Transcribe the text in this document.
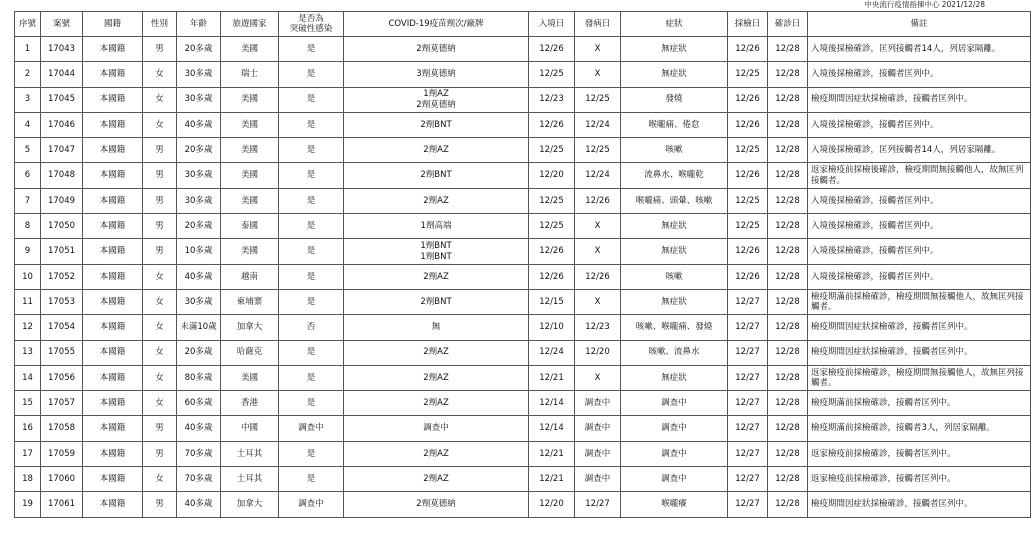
中央流行疫情指揮中心 2021/12/28
序號	案號	國籍	性別	年齡	旅遊國家	是否為
突破性感染	COVID-19疫苗劑次/廠牌	入境日	發病日	症狀	採檢日	確診日	備註
1	17043	本國籍	男	20多歲	美國	是	2劑莫德納	12/26	X	無症狀	12/26	12/28	入境後採檢確診，匡列接觸者14人，列居家隔離。
2	17044	本國籍	女	30多歲	瑞士	是	3劑莫德納	12/25	X	無症狀	12/25	12/28	入境後採檢確診，接觸者匡列中。
3	17045	本國籍	女	30多歲	美國	是	1劑AZ
2劑莫德納	12/23	12/25	發燒	12/26	12/28	檢疫期間因症狀採檢確診，接觸者匡列中。
4	17046	本國籍	女	40多歲	美國	是	2劑BNT	12/26	12/24	喉嚨痛、倦怠	12/26	12/28	入境後採檢確診，接觸者匡列中。
5	17047	本國籍	男	20多歲	美國	是	2劑AZ	12/25	12/25	咳嗽	12/25	12/28	入境後採檢確診，匡列接觸者14人，列居家隔離。
6	17048	本國籍	男	30多歲	美國	是	2劑BNT	12/20	12/24	流鼻水、喉嚨乾	12/26	12/28	返家檢疫前採檢後確診，檢疫期間無接觸他人，故無匡列接觸者。
7	17049	本國籍	男	30多歲	美國	是	2劑AZ	12/25	12/26	喉嚨痛、頭暈、咳嗽	12/25	12/28	入境後採檢確診，接觸者匡列中。
8	17050	本國籍	男	20多歲	泰國	是	1劑高端	12/25	X	無症狀	12/25	12/28	入境後採檢確診，接觸者匡列中。
9	17051	本國籍	男	10多歲	美國	是	1劑BNT
1劑BNT	12/26	X	無症狀	12/26	12/28	入境後採檢確診，接觸者匡列中。
10	17052	本國籍	女	40多歲	越南	是	2劑AZ	12/26	12/26	咳嗽	12/26	12/28	入境後採檢確診，接觸者匡列中。
11	17053	本國籍	女	30多歲	柬埔寨	是	2劑BNT	12/15	X	無症狀	12/27	12/28	檢疫期滿前採檢確診，檢疫期間無接觸他人，故無匡列接觸者。
12	17054	本國籍	女	未滿10歲	加拿大	否	無	12/10	12/23	咳嗽、喉嚨痛、發燒	12/27	12/28	檢疫期間因症狀採檢確診，接觸者匡列中。
13	17055	本國籍	女	20多歲	哈薩克	是	2劑AZ	12/24	12/20	咳嗽、流鼻水	12/27	12/28	檢疫期間因症狀採檢確診，接觸者匡列中。
14	17056	本國籍	女	80多歲	美國	是	2劑AZ	12/21	X	無症狀	12/27	12/28	返家檢疫前採檢確診，檢疫期間無接觸他人，故無匡列接觸者。
15	17057	本國籍	女	60多歲	香港	是	2劑AZ	12/14	調查中	調查中	12/27	12/28	檢疫期滿前採檢確診，接觸者匡列中。
16	17058	本國籍	男	40多歲	中國	調查中	調查中	12/14	調查中	調查中	12/27	12/28	檢疫期滿前採檢確診，接觸者3人，列居家隔離。
17	17059	本國籍	男	70多歲	土耳其	是	2劑AZ	12/21	調查中	調查中	12/27	12/28	返家檢疫前採檢確診，接觸者匡列中。
18	17060	本國籍	女	70多歲	土耳其	是	2劑AZ	12/21	調查中	調查中	12/27	12/28	返家檢疫前採檢確診，接觸者匡列中。
19	17061	本國籍	男	40多歲	加拿大	調查中	2劑莫德納	12/20	12/27	喉嚨癢	12/27	12/28	檢疫期間因症狀採檢確診，接觸者匡列中。
